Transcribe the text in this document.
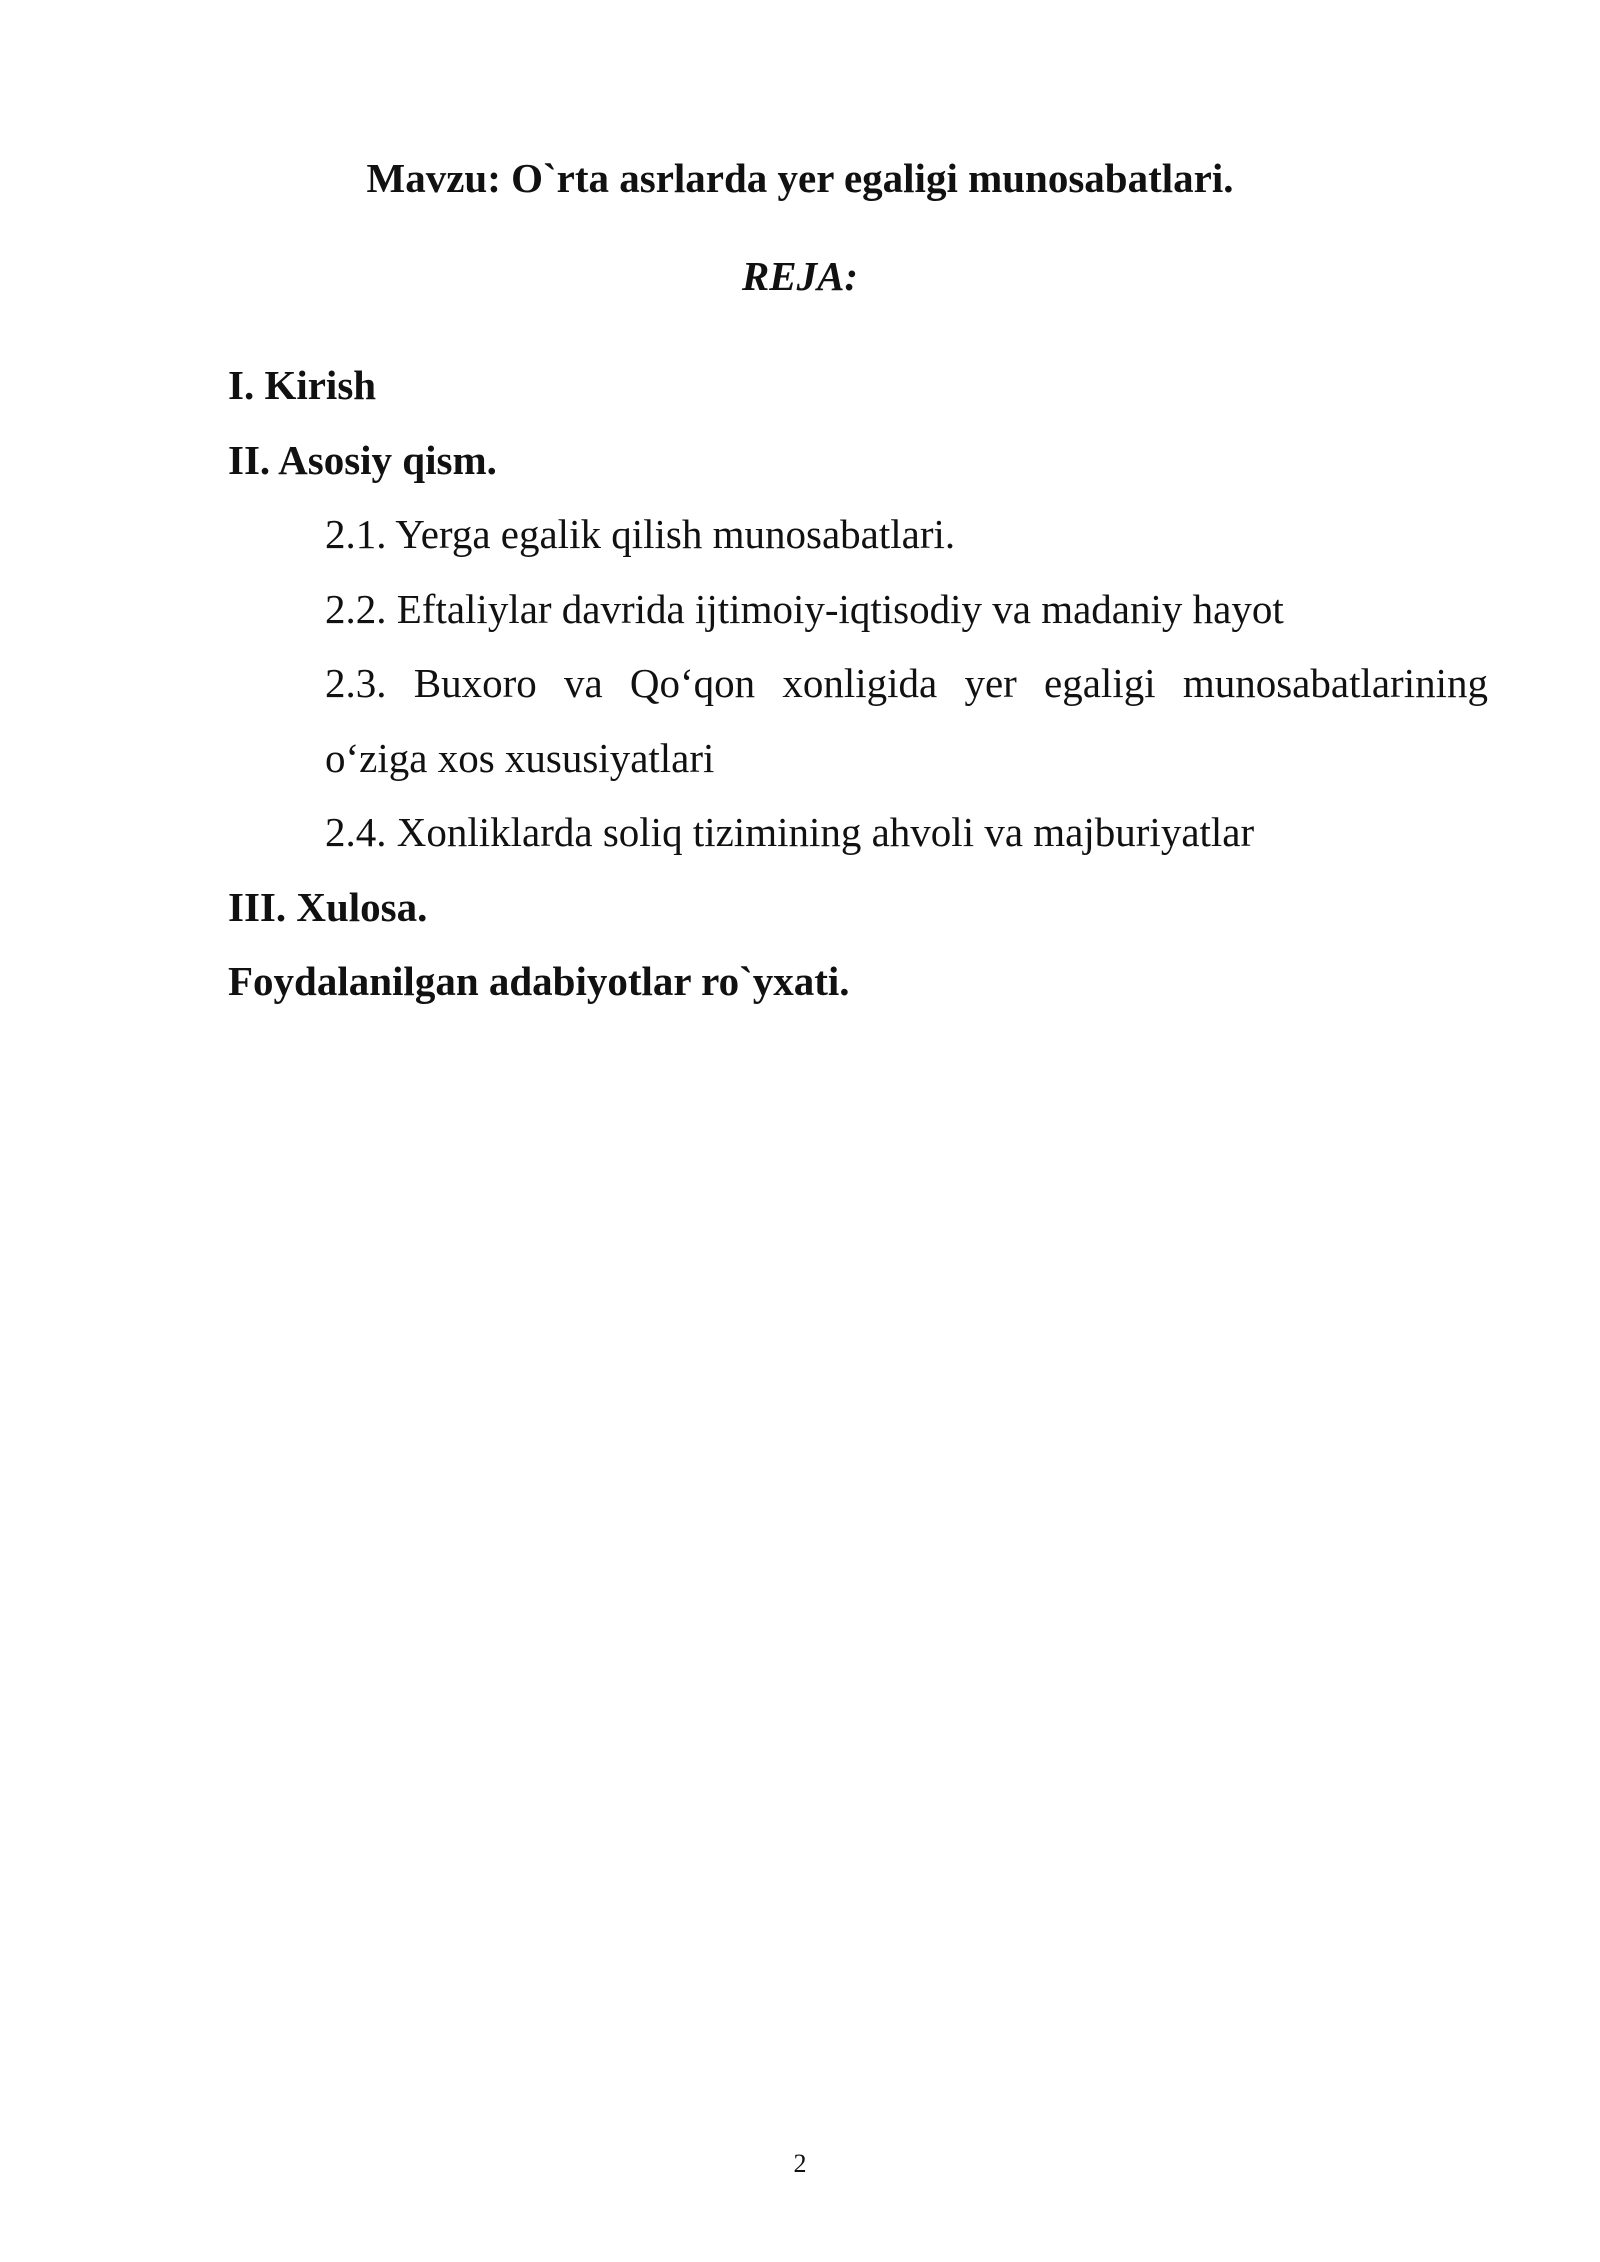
Mavzu: O`rta asrlarda yer egaligi munosabatlari.
REJA:
I. Kirish
II. Asosiy qism.
2.1. Yerga egalik qilish munosabatlari.
2.2. Eftaliylar davrida ijtimoiy-iqtisodiy va madaniy hayot
2.3. Buxoro va Qo‘qon xonligida yer egaligi munosabatlarining
o‘ziga xos xususiyatlari
2.4. Xonliklarda soliq tizimining ahvoli va majburiyatlar
III. Xulosa.
Foydalanilgan adabiyotlar ro`yxati.
2
